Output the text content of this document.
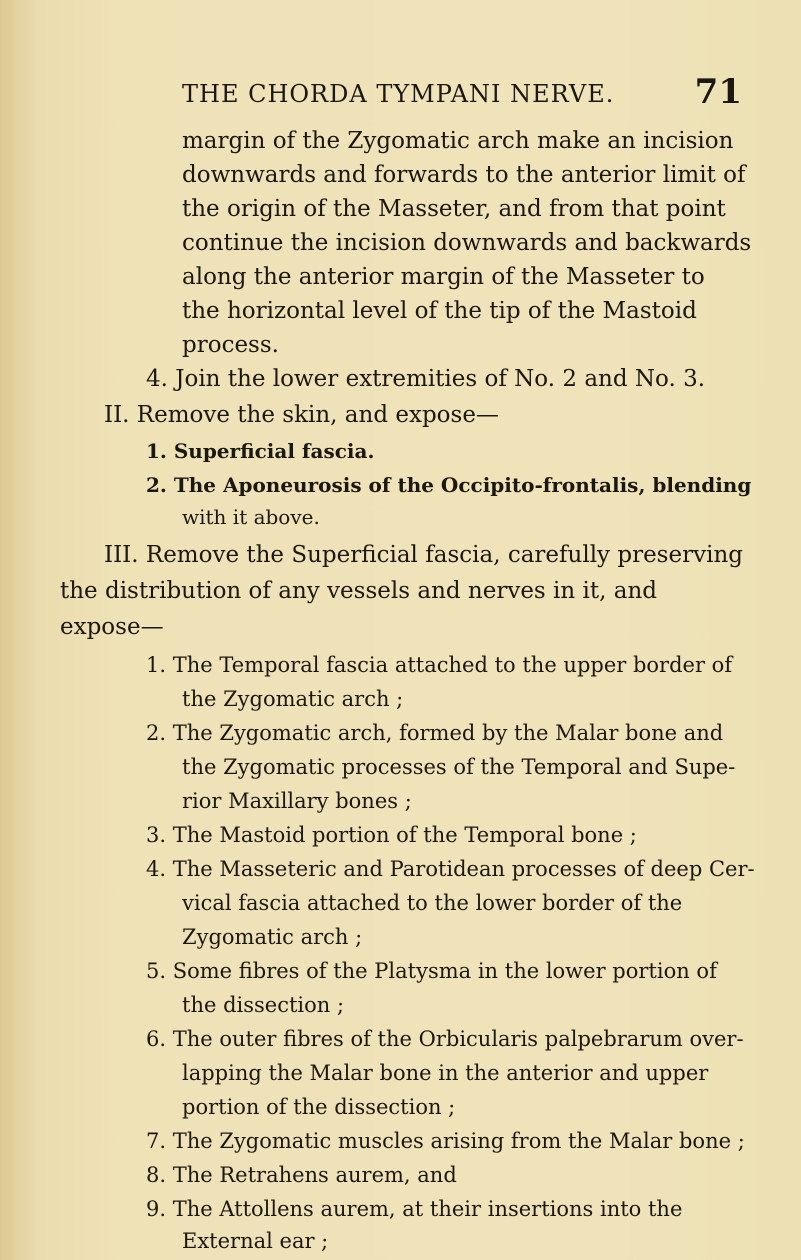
THE CHORDA TYMPANI NERVE. 71
margin of the Zygomatic arch make an incision
downwards and forwards to the anterior limit of
the origin of the Masseter, and from that point
continue the incision downwards and backwards
along the anterior margin of the Masseter to
the horizontal level of the tip of the Mastoid
process.
4. Join the lower extremities of No. 2 and No. 3.
II. Remove the skin, and expose—
1. Superficial fascia.
2. The Aponeurosis of the Occipito-frontalis, blending
with it above.
III. Remove the Superficial fascia, carefully preserving
the distribution of any vessels and nerves in it, and
expose—
1. The Temporal fascia attached to the upper border of
the Zygomatic arch ;
2. The Zygomatic arch, formed by the Malar bone and
the Zygomatic processes of the Temporal and Supe-
rior Maxillary bones ;
3. The Mastoid portion of the Temporal bone ;
4. The Masseteric and Parotidean processes of deep Cer-
vical fascia attached to the lower border of the
Zygomatic arch ;
5. Some fibres of the Platysma in the lower portion of
the dissection ;
6. The outer fibres of the Orbicularis palpebrarum over-
lapping the Malar bone in the anterior and upper
portion of the dissection ;
7. The Zygomatic muscles arising from the Malar bone ;
8. The Retrahens aurem, and
9. The Attollens aurem, at their insertions into the
External ear ;
